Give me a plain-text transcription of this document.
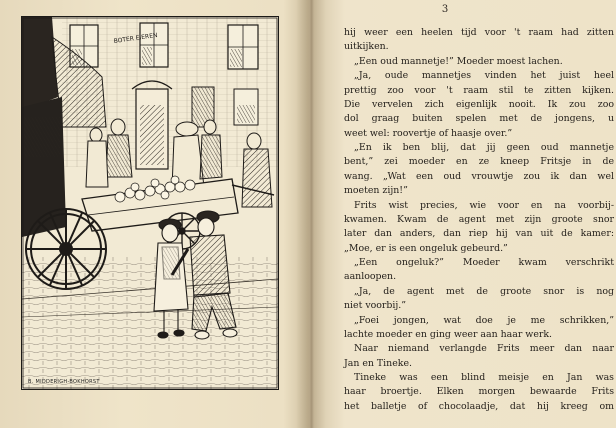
BOTER EIEREN
B. MIDDERIGH-BOKHORST
3
hij weer een heelen tijd voor 't raam had zitten
uitkijken.
„Een oud mannetje!” Moeder moest lachen.
„Ja, oude mannetjes vinden het juist heel
prettig zoo voor 't raam stil te zitten kijken.
Die vervelen zich eigenlijk nooit. Ik zou zoo
dol graag buiten spelen met de jongens, u
weet wel: roovertje of haasje over.”
„En ik ben blij, dat jij geen oud mannetje
bent,” zei moeder en ze kneep Fritsje in de
wang. „Wat een oud vrouwtje zou ik dan wel
moeten zijn!”
Frits wist precies, wie voor en na voorbij-
kwamen. Kwam de agent met zijn groote snor
later dan anders, dan riep hij van uit de kamer:
„Moe, er is een ongeluk gebeurd.”
„Een ongeluk?” Moeder kwam verschrikt
aanloopen.
„Ja, de agent met de groote snor is nog
niet voorbij.”
„Foei jongen, wat doe je me schrikken,”
lachte moeder en ging weer aan haar werk.
Naar niemand verlangde Frits meer dan naar
Jan en Tineke.
Tineke was een blind meisje en Jan was
haar broertje. Elken morgen bewaarde Frits
het balletje of chocolaadje, dat hij kreeg om
